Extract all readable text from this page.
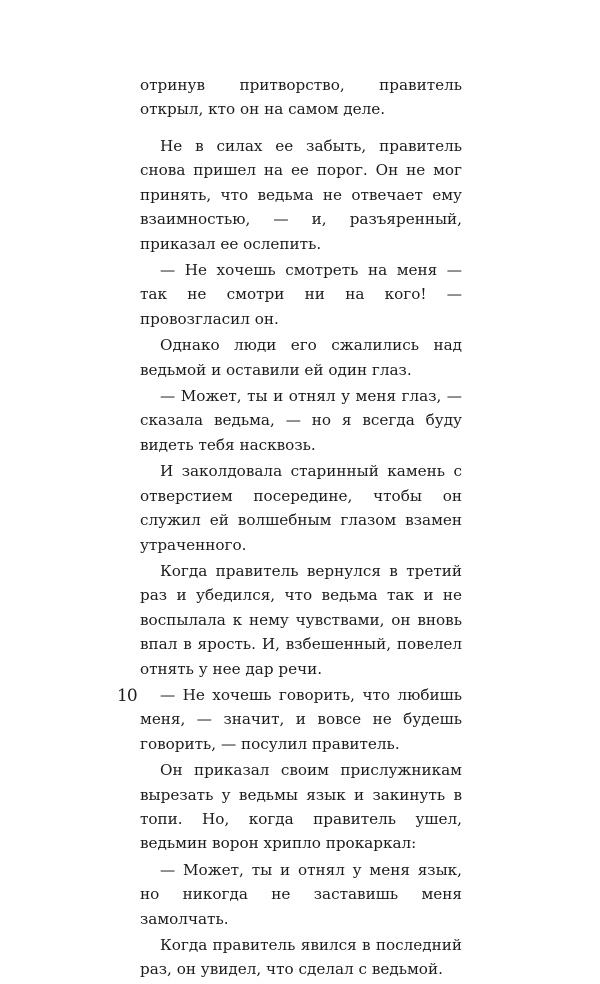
отринув притворство, правитель открыл, кто он на самом деле.

Не в силах ее забыть, правитель снова пришел на ее порог. Он не мог принять, что ведьма не отвечает ему взаимностью, — и, разъяренный, приказал ее ослепить.

— Не хочешь смотреть на меня — так не смотри ни на кого! — провозгласил он.

Однако люди его сжалились над ведьмой и оставили ей один глаз.

— Может, ты и отнял у меня глаз, — сказала ведьма, — но я всегда буду видеть тебя насквозь.

И заколдовала старинный камень с отверстием посередине, чтобы он служил ей волшебным глазом взамен утраченного.

Когда правитель вернулся в третий раз и убедился, что ведьма так и не воспылала к нему чувствами, он вновь впал в ярость. И, взбешенный, повелел отнять у нее дар речи.

— Не хочешь говорить, что любишь меня, — значит, и вовсе не будешь говорить, — посулил правитель.

Он приказал своим прислужникам вырезать у ведьмы язык и закинуть в топи. Но, когда правитель ушел, ведьмин ворон хрипло прокаркал:

— Может, ты и отнял у меня язык, но никогда не заставишь меня замолчать.

Когда правитель явился в последний раз, он увидел, что сделал с ведьмой.

10
